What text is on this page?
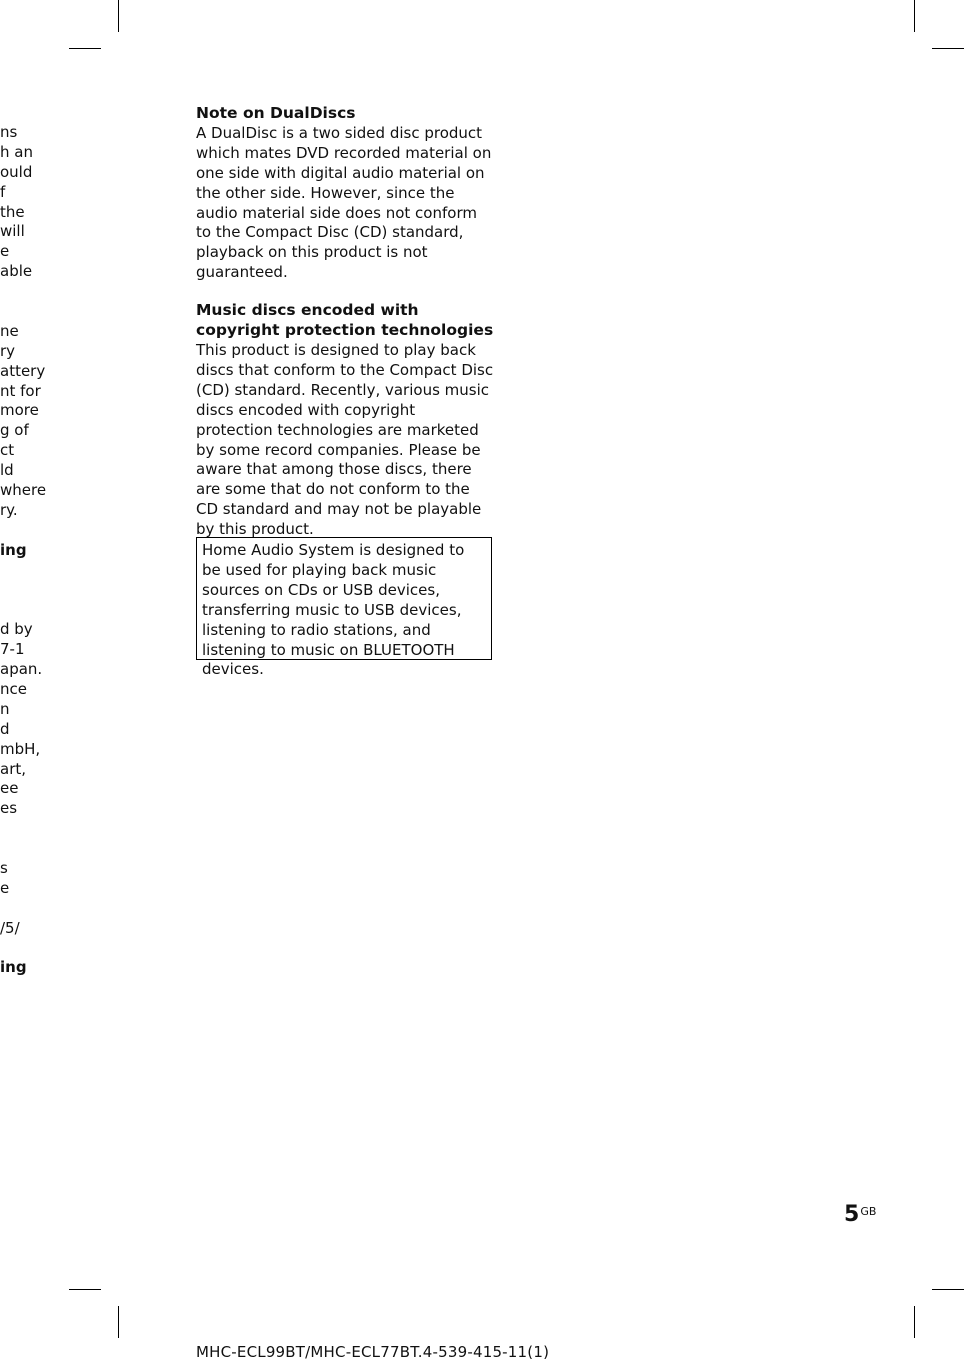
ns
h an
ould
f
the
will
e
able
ne
ry
attery
nt for
more
g of
ct
ld
where
ry.
ing
d by
7-1
apan.
nce
n
d
mbH,
art,
ee
es
s
e
/5/
ing

Note on DualDiscs

A DualDisc is a two sided disc product which mates DVD recorded material on one side with digital audio material on the other side. However, since the audio material side does not conform to the Compact Disc (CD) standard, playback on this product is not guaranteed.

Music discs encoded with copyright protection technologies

This product is designed to play back discs that conform to the Compact Disc (CD) standard. Recently, various music discs encoded with copyright protection technologies are marketed by some record companies. Please be aware that among those discs, there are some that do not conform to the CD standard and may not be playable by this product.

Home Audio System is designed to be used for playing back music sources on CDs or USB devices, transferring music to USB devices, listening to radio stations, and listening to music on BLUETOOTH devices.
$5^{GB}$
MHC-ECL99BT/MHC-ECL77BT.4-539-415-11(1)
